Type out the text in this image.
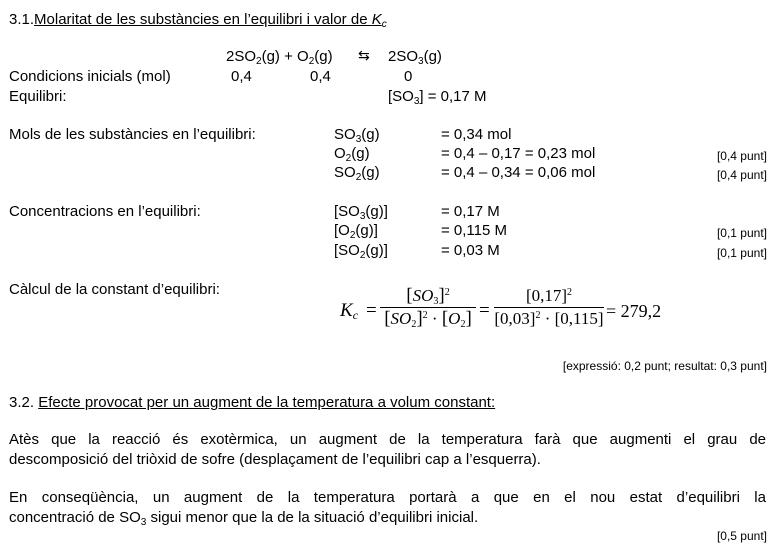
3.1.Molaritat de les substàncies en l’equilibri i valor de $K_c$
$2SO_2(g) + O_2(g)$ ⇆ $2SO_3(g)$
Condicions inicials (mol)	0,4	0,4	0
Equilibri:	$[SO_3] = 0,17$ M
Mols de les substàncies en l’equilibri:	$SO_3(g)$	= 0,34 mol
$O_2(g)$	= 0,4 – 0,17 = 0,23 mol	[0,4 punt]
$SO_2(g)$	= 0,4 – 0,34 = 0,06 mol	[0,4 punt]
Concentracions en l’equilibri:	$[SO_3(g)]$	= 0,17 M
$[O_2(g)]$	= 0,115 M	[0,1 punt]
$[SO_2(g)]$	= 0,03 M	[0,1 punt]
Càlcul de la constant d’equilibri:
$K_c$ =
$[SO_3]^2$
$[SO_2]^2 \cdot [O_2]$ =
$[0,17]^2$
$[0,03]^2 \cdot [0,115] = 279,2$
[expressió: 0,2 punt; resultat: 0,3 punt]
3.2. Efecte provocat per un augment de la temperatura a volum constant:
Atès que la reacció és exotèrmica, un augment de la temperatura farà que augmenti el grau de
descomposició del triòxid de sofre (desplaçament de l’equilibri cap a l’esquerra).
En conseqüència, un augment de la temperatura portarà a que en el nou estat d’equilibri la
concentració de $SO_3$ sigui menor que la de la situació d’equilibri inicial.
[0,5 punt]
